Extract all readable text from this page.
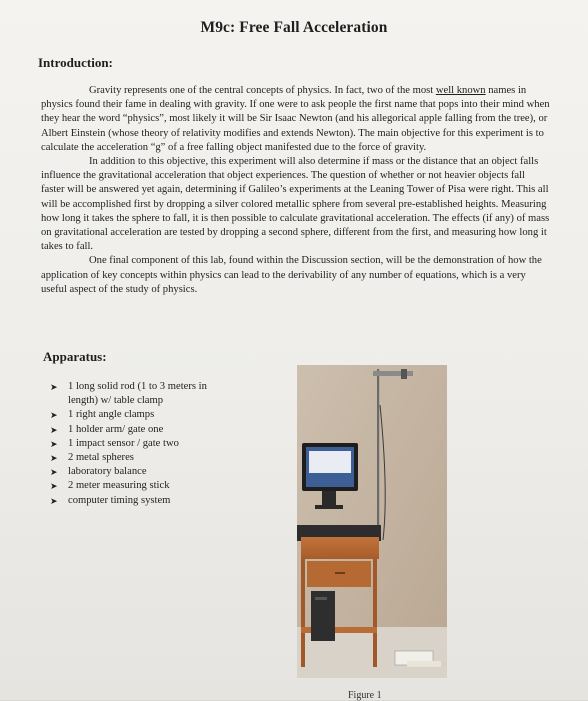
M9c: Free Fall Acceleration
Introduction:

Gravity represents one of the central concepts of physics. In fact, two of the most well known names in physics found their fame in dealing with gravity. If one were to ask people the first name that pops into their mind when they hear the word “physics”, most likely it will be Sir Isaac Newton (and his allegorical apple falling from the tree), or Albert Einstein (whose theory of relativity modifies and extends Newton). The main objective for this experiment is to calculate the acceleration “g” of a free falling object manifested due to the force of gravity.

In addition to this objective, this experiment will also determine if mass or the distance that an object falls influence the gravitational acceleration that object experiences. The question of whether or not heavier objects fall faster will be answered yet again, determining if Galileo’s experiments at the Leaning Tower of Pisa were right. This all will be accomplished first by dropping a silver colored metallic sphere from several pre-established heights. Measuring how long it takes the sphere to fall, it is then possible to calculate gravitational acceleration. The effects (if any) of mass on gravitational acceleration are tested by dropping a second sphere, different from the first, and measuring how long it takes to fall.

One final component of this lab, found within the Discussion section, will be the demonstration of how the application of key concepts within physics can lead to the derivability of any number of equations, which is a very useful aspect of the study of physics.

Apparatus:
➤ 1 long solid rod (1 to 3 meters in length) w/ table clamp
➤ 1 right angle clamps
➤ 1 holder arm/ gate one
➤ 1 impact sensor / gate two
➤ 2 metal spheres
➤ laboratory balance
➤ 2 meter measuring stick
➤ computer timing system
Figure 1
